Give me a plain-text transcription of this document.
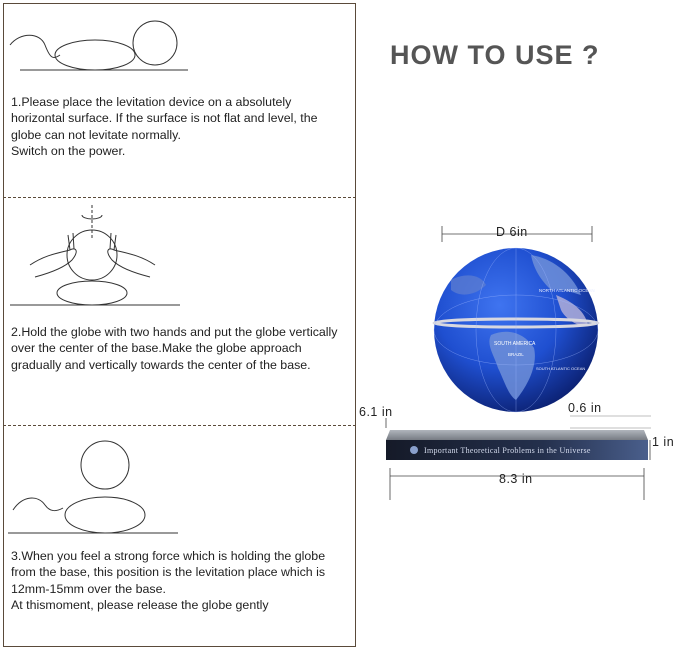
1.Please place the levitation device on a absolutely horizontal surface. If the surface is not flat and level, the globe can not levitate normally.
Switch on the power.
2.Hold the globe with two hands and put the globe vertically over the center of the base.Make the globe approach gradually and vertically towards the center of the base.
3.When you feel a strong force which is holding the globe from the base, this position is the levitation place which is 12mm-15mm over the base.
At thismoment, please release the globe gently
HOW TO USE ?
NORTH ATLANTIC OCEAN
SOUTH AMERICA
BRAZIL
SOUTH ATLANTIC OCEAN
Important Theoretical Problems in the Universe
D 6in
6.1 in	0.6 in
1 in
8.3 in
